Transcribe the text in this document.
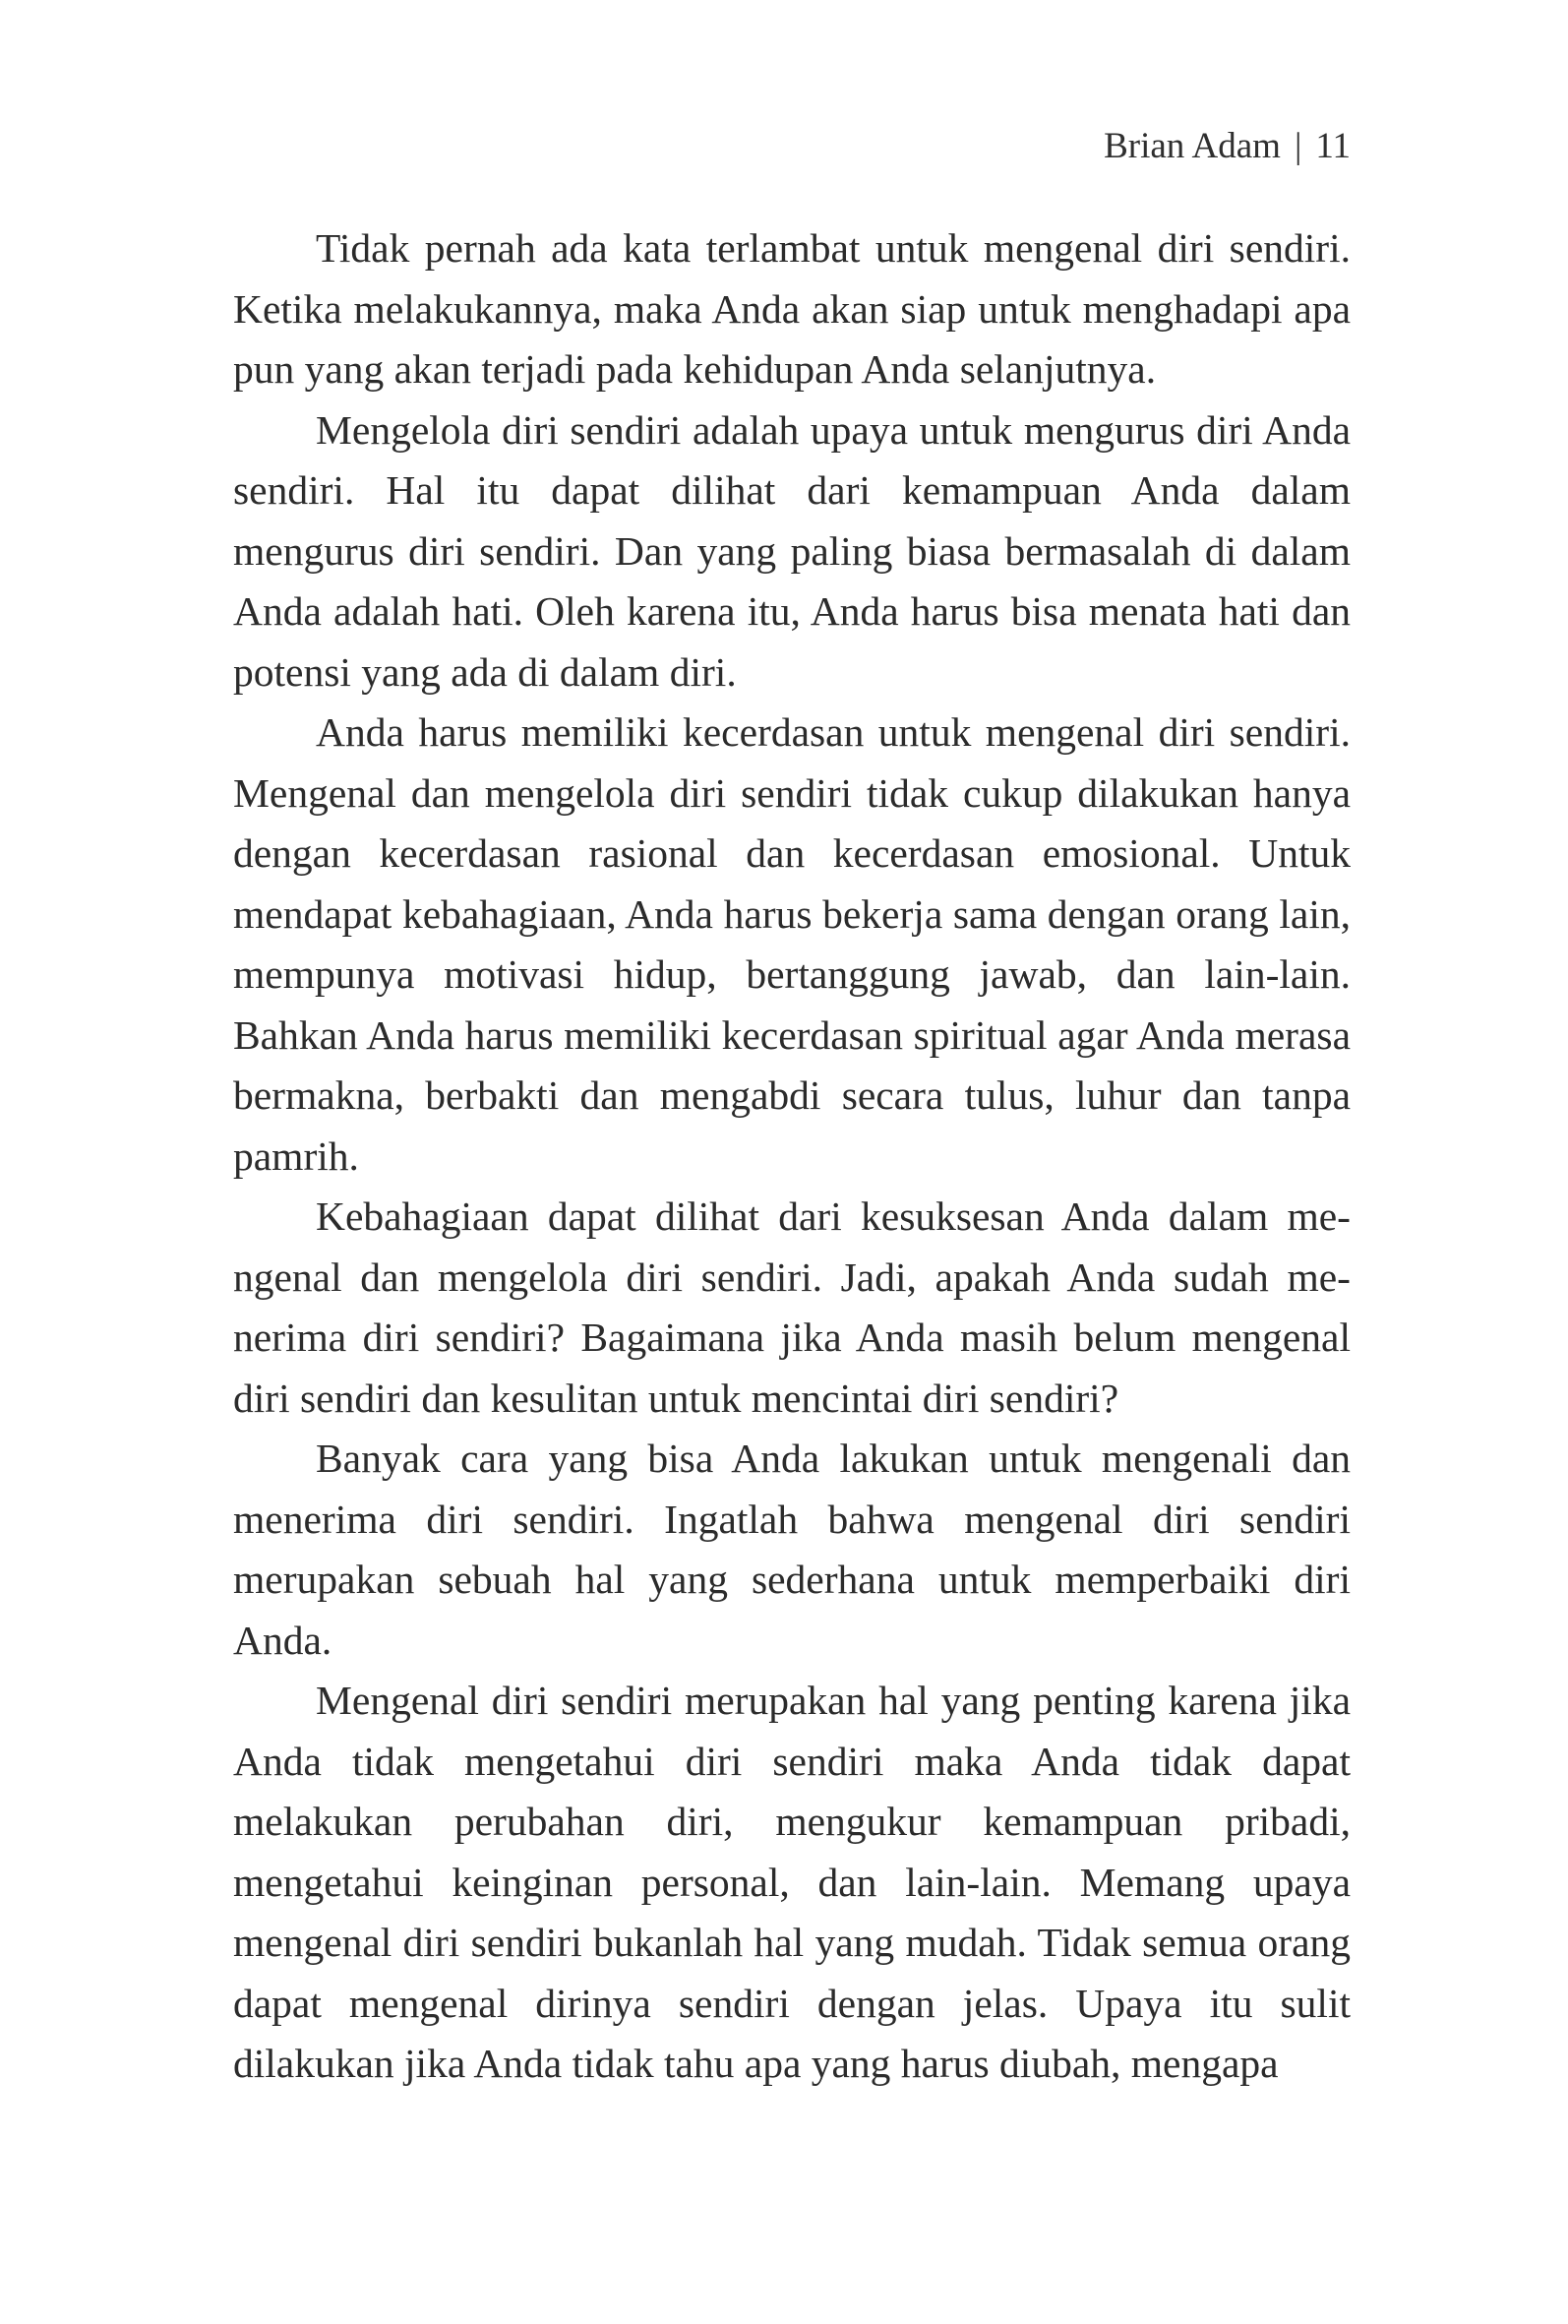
Brian Adam | 11

Tidak pernah ada kata terlambat untuk mengenal diri sendiri. Ketika melakukannya, maka Anda akan siap untuk menghadapi apa pun yang akan terjadi pada kehidupan Anda selanjutnya.

Mengelola diri sendiri adalah upaya untuk mengurus diri Anda sendiri. Hal itu dapat dilihat dari kemampuan Anda dalam mengurus diri sendiri. Dan yang paling biasa bermasalah di dalam Anda adalah hati. Oleh karena itu, Anda harus bisa menata hati dan potensi yang ada di dalam diri.

Anda harus memiliki kecerdasan untuk mengenal diri sendiri. Mengenal dan mengelola diri sendiri tidak cukup dilakukan hanya dengan kecerdasan rasional dan kecerdasan emosional. Untuk mendapat kebahagiaan, Anda harus bekerja sama dengan orang lain, mempunya motivasi hidup, bertanggung jawab, dan lain-lain. Bahkan Anda harus memiliki kecerdasan spiritual agar Anda merasa bermakna, berbakti dan mengabdi secara tulus, luhur dan tanpa pamrih.

Kebahagiaan dapat dilihat dari kesuksesan Anda dalam mengenal dan mengelola diri sendiri. Jadi, apakah Anda sudah menerima diri sendiri? Bagaimana jika Anda masih belum mengenal diri sendiri dan kesulitan untuk mencintai diri sendiri?

Banyak cara yang bisa Anda lakukan untuk mengenali dan menerima diri sendiri. Ingatlah bahwa mengenal diri sendiri merupakan sebuah hal yang sederhana untuk memperbaiki diri Anda.

Mengenal diri sendiri merupakan hal yang penting karena jika Anda tidak mengetahui diri sendiri maka Anda tidak dapat melakukan perubahan diri, mengukur kemampuan pribadi, mengetahui keinginan personal, dan lain-lain. Memang upaya mengenal diri sendiri bukanlah hal yang mudah. Tidak semua orang dapat mengenal dirinya sendiri dengan jelas. Upaya itu sulit dilakukan jika Anda tidak tahu apa yang harus diubah, mengapa
